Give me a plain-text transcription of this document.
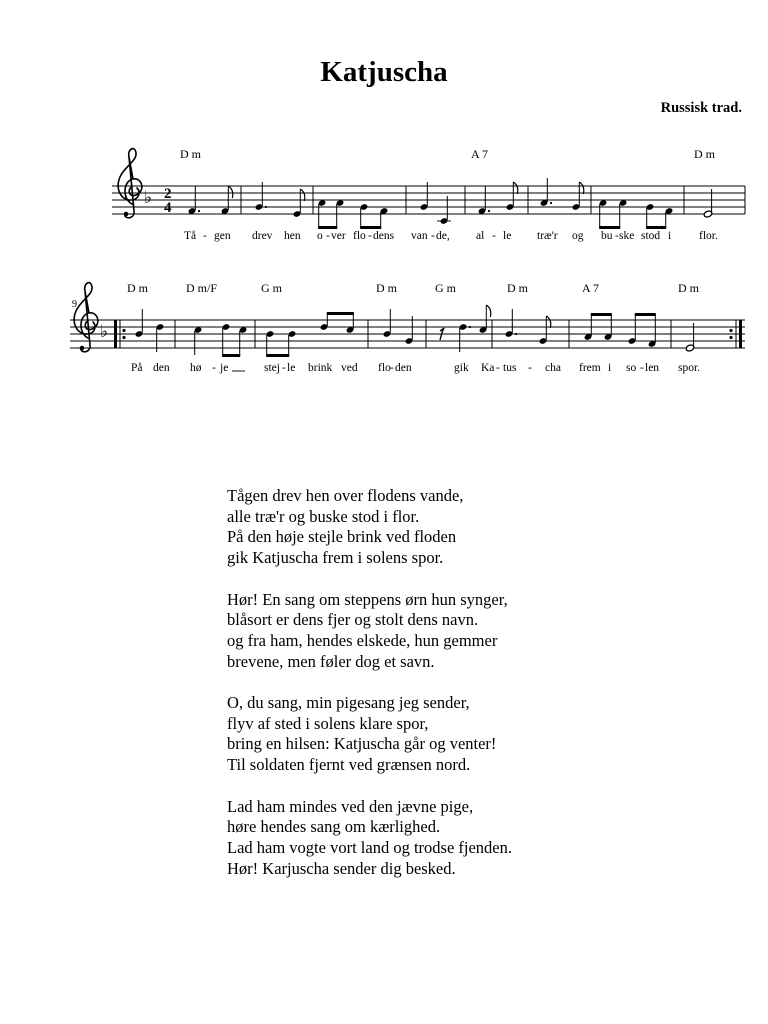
Katjuscha
Russisk trad.
♭ 2
4
D m	A 7	D m
Tå - gen drev hen o - ver flo - dens van - de, al - le træ'r og bu - ske stod i flor.
9
♭
D m	D m/F	G m	D m	G m	D m	A 7	D m
På den hø - je	stej - le brink ved flo - den	gik Ka - tus - cha frem i so - len spor.
Tågen drev hen over flodens vande,
alle træ'r og buske stod i flor.
På den høje stejle brink ved floden
gik Katjuscha frem i solens spor.
Hør! En sang om steppens ørn hun synger,
blåsort er dens fjer og stolt dens navn.
og fra ham, hendes elskede, hun gemmer
brevene, men føler dog et savn.
O, du sang, min pigesang jeg sender,
flyv af sted i solens klare spor,
bring en hilsen: Katjuscha går og venter!
Til soldaten fjernt ved grænsen nord.
Lad ham mindes ved den jævne pige,
høre hendes sang om kærlighed.
Lad ham vogte vort land og trodse fjenden.
Hør! Karjuscha sender dig besked.
